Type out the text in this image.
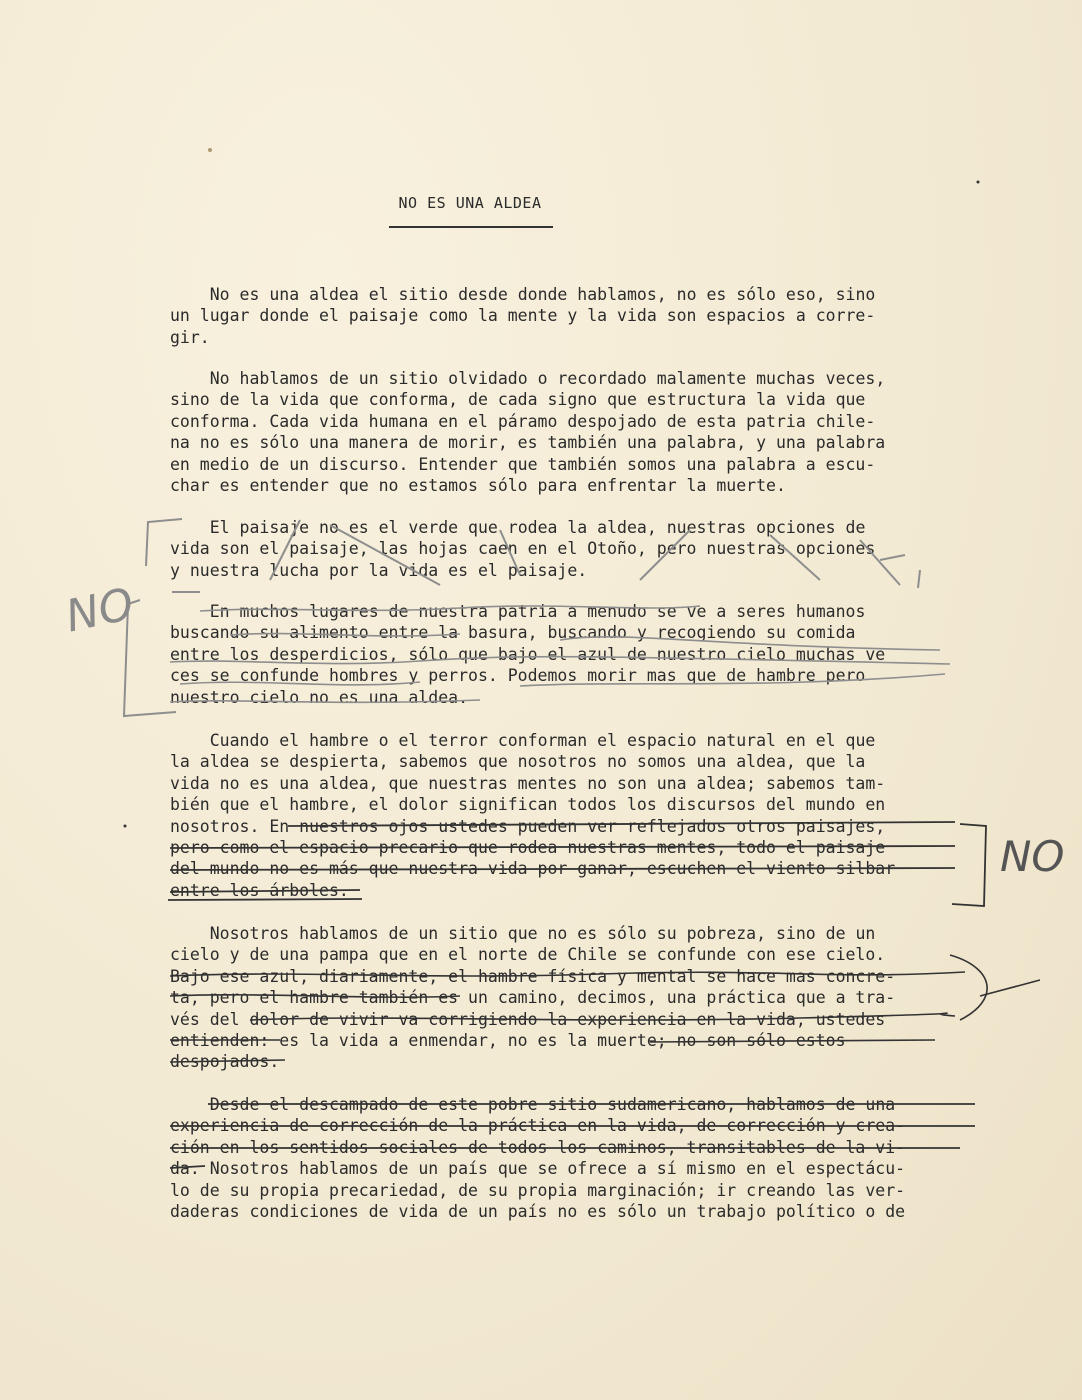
NO ES UNA ALDEA
No es una aldea el sitio desde donde hablamos, no es sólo eso, sino
un lugar donde el paisaje como la mente y la vida son espacios a corre-
gir.
No hablamos de un sitio olvidado o recordado malamente muchas veces,
sino de la vida que conforma, de cada signo que estructura la vida que
conforma. Cada vida humana en el páramo despojado de esta patria chile-
na no es sólo una manera de morir, es también una palabra, y una palabra
en medio de un discurso. Entender que también somos una palabra a escu-
char es entender que no estamos sólo para enfrentar la muerte.
El paisaje no es el verde que rodea la aldea, nuestras opciones de
vida son el paisaje, las hojas caen en el Otoño, pero nuestras opciones
y nuestra lucha por la vida es el paisaje.
En muchos lugares de nuestra patria a menudo se ve a seres humanos
buscando su alimento entre la basura, buscando y recogiendo su comida
entre los desperdicios, sólo que bajo el azul de nuestro cielo muchas ve
ces se confunde hombres y perros. Podemos morir mas que de hambre pero
nuestro cielo no es una aldea.
Cuando el hambre o el terror conforman el espacio natural en el que
la aldea se despierta, sabemos que nosotros no somos una aldea, que la
vida no es una aldea, que nuestras mentes no son una aldea; sabemos tam-
bién que el hambre, el dolor significan todos los discursos del mundo en
nosotros. En nuestros ojos ustedes pueden ver reflejados otros paisajes,
pero como el espacio precario que rodea nuestras mentes, todo el paisaje
del mundo no es más que nuestra vida por ganar, escuchen el viento silbar
entre los árboles.
Nosotros hablamos de un sitio que no es sólo su pobreza, sino de un
cielo y de una pampa que en el norte de Chile se confunde con ese cielo.
Bajo ese azul, diariamente, el hambre física y mental se hace mas concre-
ta, pero el hambre también es un camino, decimos, una práctica que a tra-
vés del dolor de vivir va corrigiendo la experiencia en la vida, ustedes
entienden: es la vida a enmendar, no es la muerte; no son sólo estos
despojados.
Desde el descampado de este pobre sitio sudamericano, hablamos de una
experiencia de corrección de la práctica en la vida, de corrección y crea-
ción en los sentidos sociales de todos los caminos, transitables de la vi-
da. Nosotros hablamos de un país que se ofrece a sí mismo en el espectácu-
lo de su propia precariedad, de su propia marginación; ir creando las ver-
daderas condiciones de vida de un país no es sólo un trabajo político o de
NO
NO
